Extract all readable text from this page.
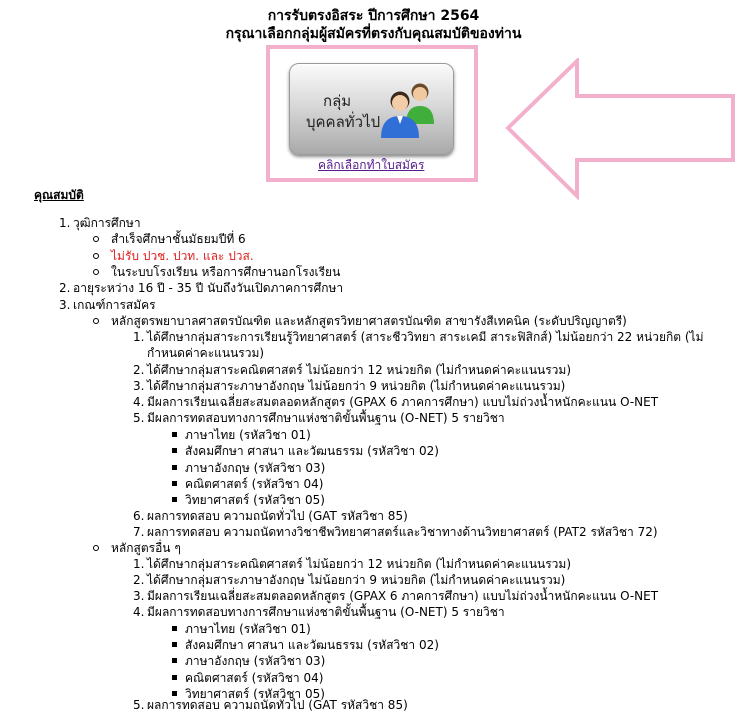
การรับตรงอิสระ ปีการศึกษา 2564
กรุณาเลือกกลุ่มผู้สมัครที่ตรงกับคุณสมบัติของท่าน
กลุ่ม
บุคคลทั่วไป
คลิกเลือกทำใบสมัคร
คุณสมบัติ
1. วุฒิการศึกษา
สำเร็จศึกษาชั้นมัธยมปีที่ 6
ไม่รับ ปวช. ปวท. และ ปวส.
ในระบบโรงเรียน หรือการศึกษานอกโรงเรียน
2. อายุระหว่าง 16 ปี - 35 ปี นับถึงวันเปิดภาคการศึกษา
3. เกณฑ์การสมัคร
หลักสูตรพยาบาลศาสตรบัณฑิต และหลักสูตรวิทยาศาสตรบัณฑิต สาขารังสีเทคนิค (ระดับปริญญาตรี)
1. ได้ศึกษากลุ่มสาระการเรียนรู้วิทยาศาสตร์ (สาระชีววิทยา สาระเคมี สาระฟิสิกส์) ไม่น้อยกว่า 22 หน่วยกิต (ไม่
กำหนดค่าคะแนนรวม)
2. ได้ศึกษากลุ่มสาระคณิตศาสตร์ ไม่น้อยกว่า 12 หน่วยกิต (ไม่กำหนดค่าคะแนนรวม)
3. ได้ศึกษากลุ่มสาระภาษาอังกฤษ ไม่น้อยกว่า 9 หน่วยกิต (ไม่กำหนดค่าคะแนนรวม)
4. มีผลการเรียนเฉลี่ยสะสมตลอดหลักสูตร (GPAX 6 ภาคการศึกษา) แบบไม่ถ่วงน้ำหนักคะแนน O-NET
5. มีผลการทดสอบทางการศึกษาแห่งชาติขั้นพื้นฐาน (O-NET) 5 รายวิชา
ภาษาไทย (รหัสวิชา 01)
สังคมศึกษา ศาสนา และวัฒนธรรม (รหัสวิชา 02)
ภาษาอังกฤษ (รหัสวิชา 03)
คณิตศาสตร์ (รหัสวิชา 04)
วิทยาศาสตร์ (รหัสวิชา 05)
6. ผลการทดสอบ ความถนัดทั่วไป (GAT รหัสวิชา 85)
7. ผลการทดสอบ ความถนัดทางวิชาชีพวิทยาศาสตร์และวิชาทางด้านวิทยาศาสตร์ (PAT2 รหัสวิชา 72)
หลักสูตรอื่น ๆ
1. ได้ศึกษากลุ่มสาระคณิตศาสตร์ ไม่น้อยกว่า 12 หน่วยกิต (ไม่กำหนดค่าคะแนนรวม)
2. ได้ศึกษากลุ่มสาระภาษาอังกฤษ ไม่น้อยกว่า 9 หน่วยกิต (ไม่กำหนดค่าคะแนนรวม)
3. มีผลการเรียนเฉลี่ยสะสมตลอดหลักสูตร (GPAX 6 ภาคการศึกษา) แบบไม่ถ่วงน้ำหนักคะแนน O-NET
4. มีผลการทดสอบทางการศึกษาแห่งชาติขั้นพื้นฐาน (O-NET) 5 รายวิชา
ภาษาไทย (รหัสวิชา 01)
สังคมศึกษา ศาสนา และวัฒนธรรม (รหัสวิชา 02)
ภาษาอังกฤษ (รหัสวิชา 03)
คณิตศาสตร์ (รหัสวิชา 04)
วิทยาศาสตร์ (รหัสวิชา 05)
5. ผลการทดสอบ ความถนัดทั่วไป (GAT รหัสวิชา 85)
